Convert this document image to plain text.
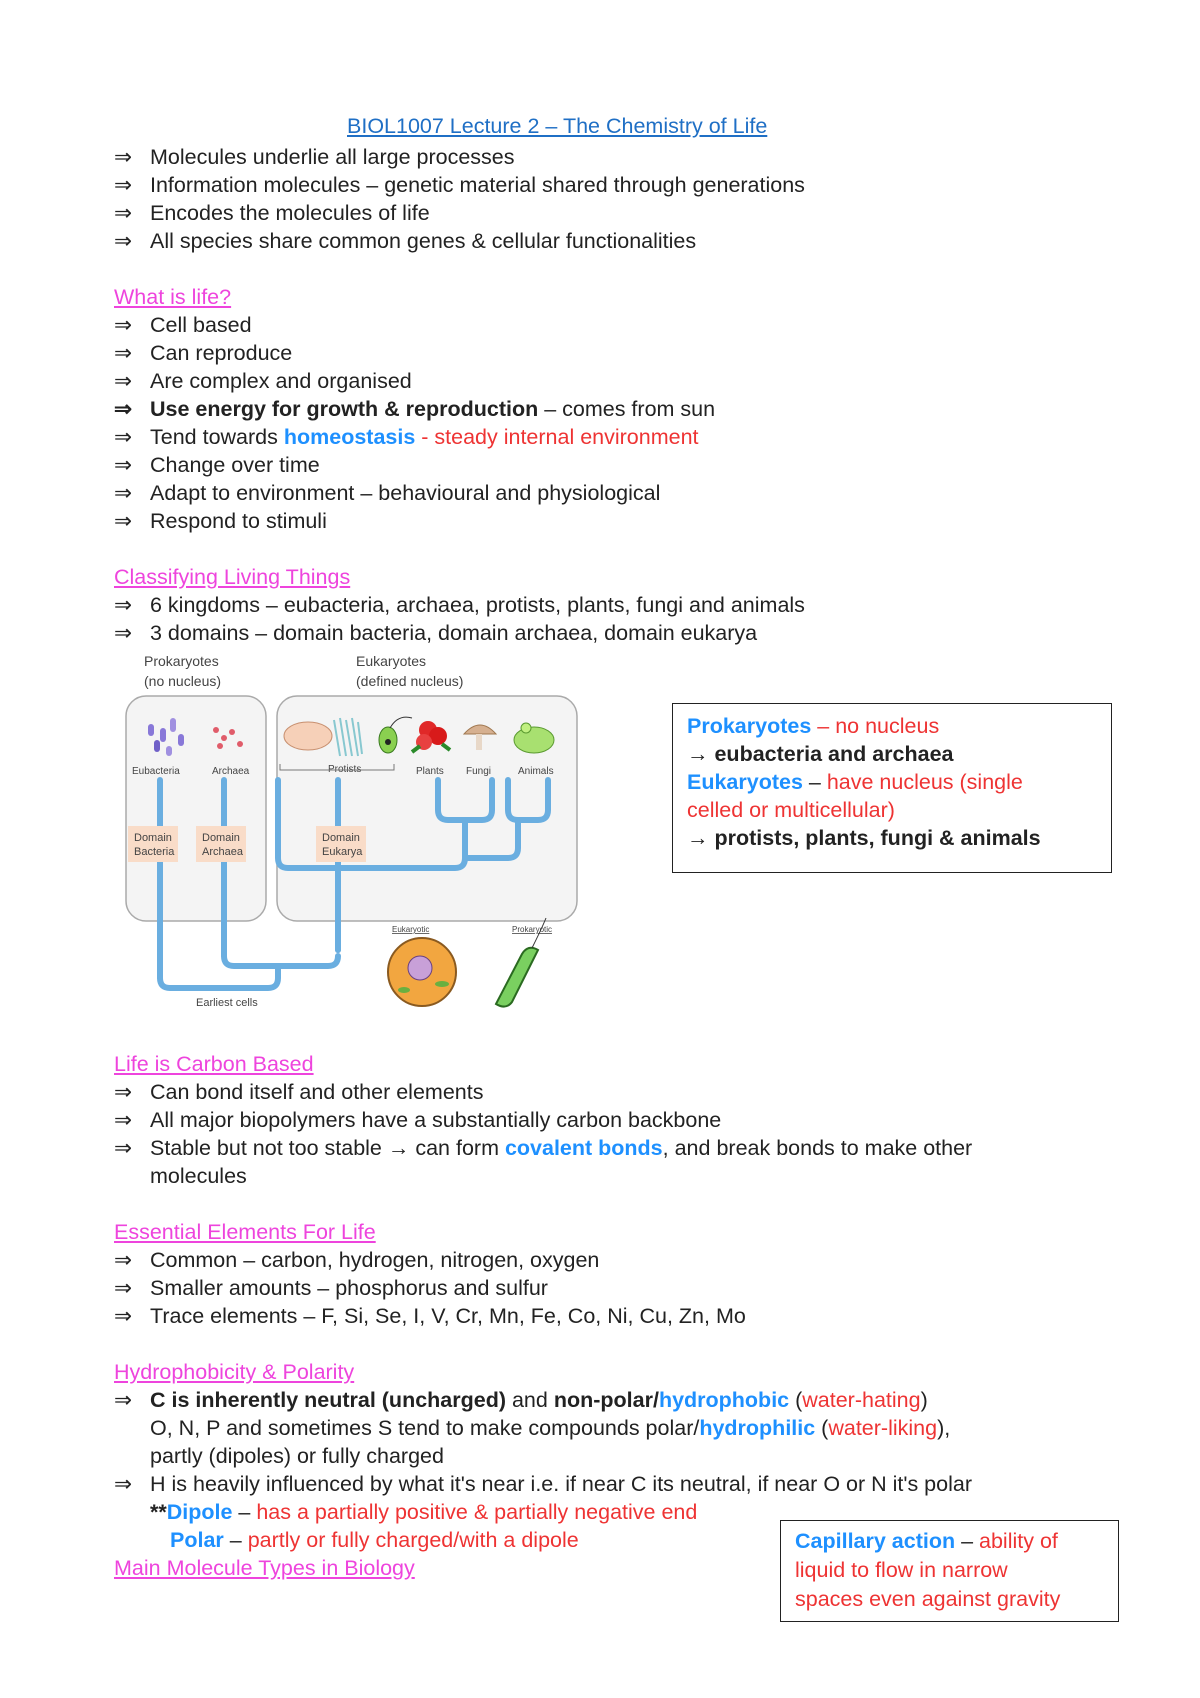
BIOL1007 Lecture 2 – The Chemistry of Life
⇒ Molecules underlie all large processes
⇒ Information molecules – genetic material shared through generations
⇒ Encodes the molecules of life
⇒ All species share common genes & cellular functionalities
What is life?
⇒ Cell based
⇒ Can reproduce
⇒ Are complex and organised
⇒ Use energy for growth & reproduction – comes from sun
⇒ Tend towards homeostasis - steady internal environment
⇒ Change over time
⇒ Adapt to environment – behavioural and physiological
⇒ Respond to stimuli
Classifying Living Things
⇒ 6 kingdoms – eubacteria, archaea, protists, plants, fungi and animals
⇒ 3 domains – domain bacteria, domain archaea, domain eukarya
Prokaryotes
(no nucleus)
Eukaryotes
(defined nucleus)
Eubacteria	Archaea	Protists	Plants Fungi	Animals
Domain
Bacteria
Domain
Archaea
Domain
Eukarya
Earliest cells
Eukaryotic	Prokaryotic
Prokaryotes – no nucleus
→ eubacteria and archaea
Eukaryotes – have nucleus (single
celled or multicellular)
→ protists, plants, fungi & animals
Life is Carbon Based
⇒ Can bond itself and other elements
⇒ All major biopolymers have a substantially carbon backbone
⇒ Stable but not too stable → can form covalent bonds, and break bonds to make other
molecules
Essential Elements For Life
⇒ Common – carbon, hydrogen, nitrogen, oxygen
⇒ Smaller amounts – phosphorus and sulfur
⇒ Trace elements – F, Si, Se, I, V, Cr, Mn, Fe, Co, Ni, Cu, Zn, Mo
Hydrophobicity & Polarity
⇒ C is inherently neutral (uncharged) and non-polar/hydrophobic (water-hating)
O, N, P and sometimes S tend to make compounds polar/hydrophilic (water-liking),
partly (dipoles) or fully charged
⇒ H is heavily influenced by what it's near i.e. if near C its neutral, if near O or N it's polar
**Dipole – has a partially positive & partially negative end
Polar – partly or fully charged/with a dipole
Main Molecule Types in Biology
Capillary action – ability of
liquid to flow in narrow
spaces even against gravity
